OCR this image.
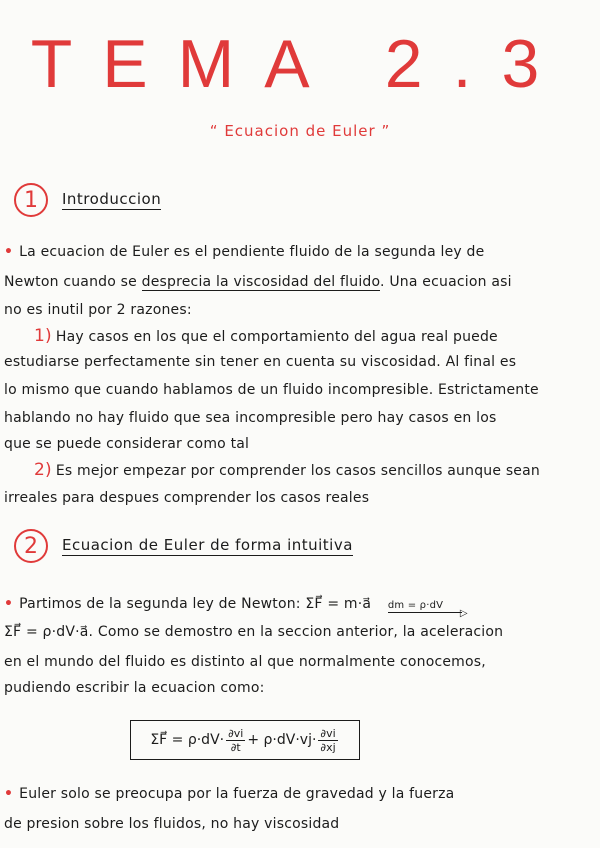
TEMA 2.3
“ Ecuacion de Euler ”
1	Introduccion
• La ecuacion de Euler es el pendiente fluido de la segunda ley de
Newton cuando se desprecia la viscosidad del fluido. Una ecuacion asi
no es inutil por 2 razones:
1) Hay casos en los que el comportamiento del agua real puede
estudiarse perfectamente sin tener en cuenta su viscosidad. Al final es
lo mismo que cuando hablamos de un fluido incompresible. Estrictamente
hablando no hay fluido que sea incompresible pero hay casos en los
que se puede considerar como tal
2) Es mejor empezar por comprender los casos sencillos aunque sean
irreales para despues comprender los casos reales
2	Ecuacion de Euler de forma intuitiva
• Partimos de la segunda ley de Newton: ΣF⃗ = m·a⃗ dm = ρ·dV
▷
ΣF⃗ = ρ·dV·a⃗. Como se demostro en la seccion anterior, la aceleracion
en el mundo del fluido es distinto al que normalmente conocemos,
pudiendo escribir la ecuacion como:
ΣF⃗ = $\rho\cdot dV\cdot \frac{\partial vi}{\partial t} + \rho\cdot dV\cdot vj\cdot \frac{\partial vi}{\partial xj}$
• Euler solo se preocupa por la fuerza de gravedad y la fuerza
de presion sobre los fluidos, no hay viscosidad
